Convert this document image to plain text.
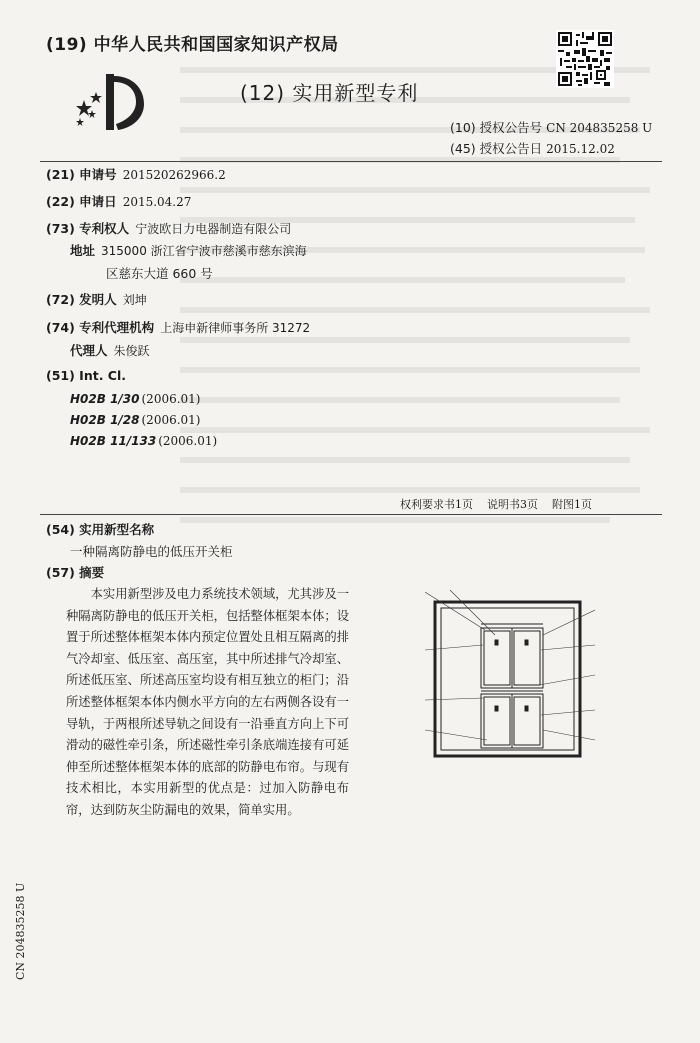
(19) 中华人民共和国国家知识产权局
(12) 实用新型专利
(10) 授权公告号 CN 204835258 U
(45) 授权公告日 2015.12.02
(21) 申请号 201520262966.2
(22) 申请日 2015.04.27
(73) 专利权人 宁波欧日力电器制造有限公司
地址 315000 浙江省宁波市慈溪市慈东滨海
区慈东大道 660 号
(72) 发明人 刘坤
(74) 专利代理机构 上海申新律师事务所 31272
代理人 朱俊跃
(51) Int. Cl.
H02B 1/30 (2006.01)
H02B 1/28 (2006.01)
H02B 11/133 (2006.01)
权利要求书1页    说明书3页    附图1页
(54) 实用新型名称
一种隔离防静电的低压开关柜
(57) 摘要
本实用新型涉及电力系统技术领域，尤其涉及一种隔离防静电的低压开关柜，包括整体框架本体；设置于所述整体框架本体内预定位置处且相互隔离的排气冷却室、低压室、高压室，其中所述排气冷却室、所述低压室、所述高压室均设有相互独立的柜门；沿所述整体框架本体内侧水平方向的左右两侧各设有一导轨，于两根所述导轨之间设有一沿垂直方向上下可滑动的磁性牵引条，所述磁性牵引条底端连接有可延伸至所述整体框架本体的底部的防静电布帘。与现有技术相比，本实用新型的优点是：过加入防静电布帘，达到防灰尘防漏电的效果，简单实用。
CN 204835258 U
